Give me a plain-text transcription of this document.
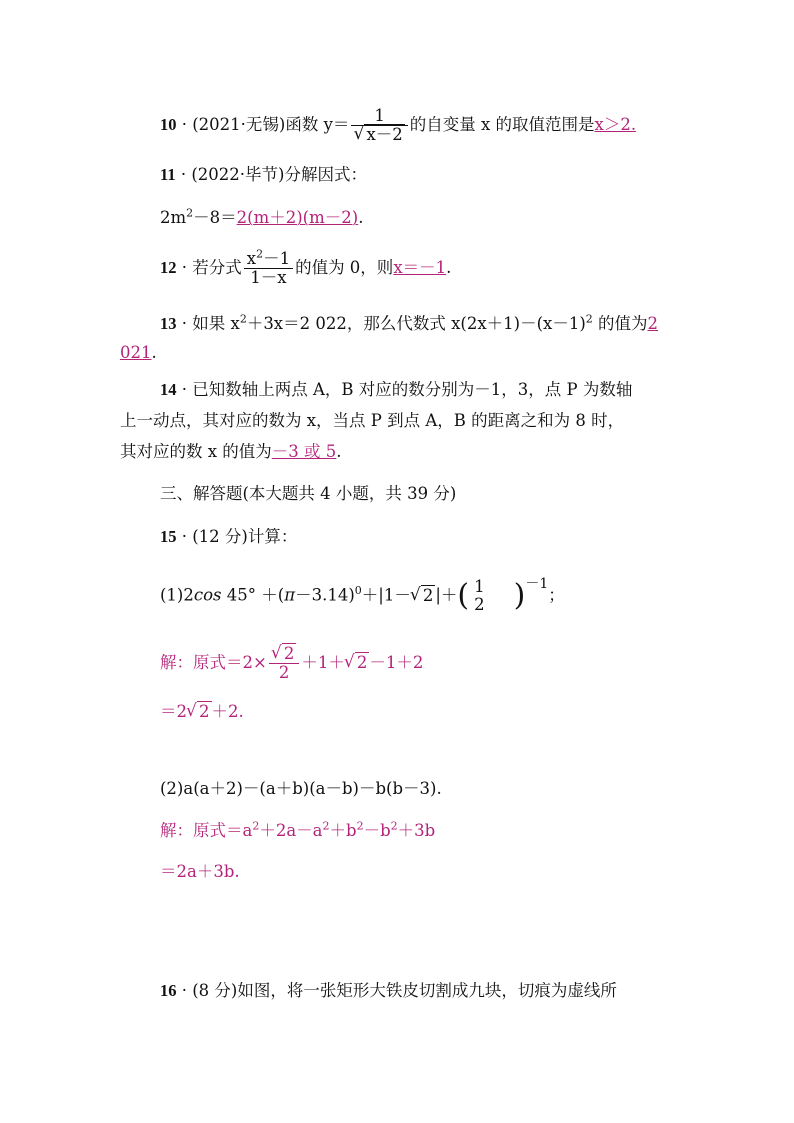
10 · (2021·无锡)函数 y＝ 1
√ x－2 的自变量 x 的取值范围是x＞2.
11 · (2022·毕节)分解因式：
$2m^2-8=2(m+2)(m-2)$.
12 · 若分式 $\frac{x^2-1}{1-x}$ 的值为 0，则x＝－1.
13 · 如果 $x^2+3x=2$ 022，那么代数式 $x(2x+1)-(x-1)^2$ 的值为2
021.
14 · 已知数轴上两点 A，B 对应的数分别为－1，3，点 P 为数轴
上一动点，其对应的数为 x，当点 P 到点 A，B 的距离之和为 8 时，
其对应的数 x 的值为－3 或 5.
三、解答题(本大题共 4 小题，共 39 分)
15 · (12 分)计算：
(1)2cos $45^\circ +(\pi-3.14)^0+|1-√$ 2 |＋( 1
2 )$^{-1}$；
解：原式＝2×
√ $\frac{2}{2} +1+√$ 2 －1＋2
＝2√ 2 ＋2.
(2)a(a＋2)－(a＋b)(a－b)－b(b－3).
解：原式$=a^2+2a-a^2+b^2-b^2+3b$
＝2a＋3b.
16 · (8 分)如图，将一张矩形大铁皮切割成九块，切痕为虚线所
